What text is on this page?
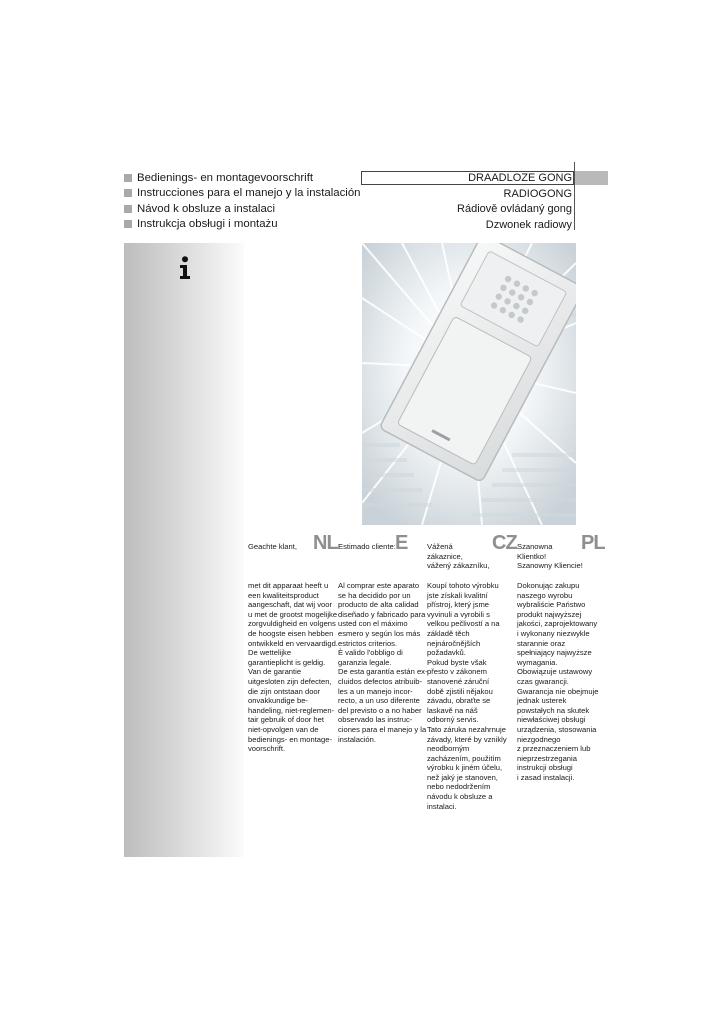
Bedienings- en montagevoorschrift
Instrucciones para el manejo y la instalación
Návod k obsluze a instalaci
Instrukcja obsługi i montażu
DRAADLOZE GONG
RADIOGONG
Rádiově ovládaný gong
Dzwonek radiowy
Geachte klant, NL

met dit apparaat heeft u

een kwaliteitsproduct

aangeschaft, dat wij voor

u met de grootst mogelijke

zorgvuldigheid en volgens

de hoogste eisen hebben

ontwikkeld en vervaardigd.

De wettelijke

garantieplicht is geldig.

Van de garantie

uitgesloten zijn defecten,

die zijn ontstaan door

onvakkundige be-

handeling, niet-reglemen-

tair gebruik of door het

niet-opvolgen van de

bedienings- en montage-

voorschrift.

Estimado cliente: E

Al comprar este aparato

se ha decidido por un

producto de alta calidad

diseñado y fabricado para

usted con el máximo

esmero y según los más

estrictos criterios.

È valido l'obbligo di

garanzia legale.

De esta garantía están ex-

cluidos defectos atribuib-

les a un manejo incor-

recto, a un uso diferente

del previsto o a no haber

observado las instruc-

ciones para el manejo y la

instalación.

Vážená
zákaznice,
vážený zákazníku,
CZ

Koupí tohoto výrobku

jste získali kvalitní

přístroj, který jsme

vyvinuli a vyrobili s

velkou pečlivostí a na

základě těch

nejnáročnějších

požadavků.

Pokud byste však

přesto v zákonem

stanovené záruční

době zjistili nějakou

závadu, obraťte se

laskavě na náš

odborný servis.

Tato záruka nezahrnuje

závady, které by vznikly

neodborným

zacházením, použitím

výrobku k jiném účelu,

než jaký je stanoven,

nebo nedodržením

návodu k obsluze a

instalaci.

Szanowna
Klientko!
Szanowny Kliencie!
PL

Dokonując zakupu

naszego wyrobu

wybraliście Państwo

produkt najwyższej

jakości, zaprojektowany

i wykonany niezwykle

starannie oraz

spełniający najwyższe

wymagania.

Obowiązuje ustawowy

czas gwarancji.

Gwarancja nie obejmuje

jednak usterek

powstałych na skutek

niewłaściwej obsługi

urządzenia, stosowania

niezgodnego

z przeznaczeniem lub

nieprzestrzegania

instrukcji obsługi

i zasad instalacji.
